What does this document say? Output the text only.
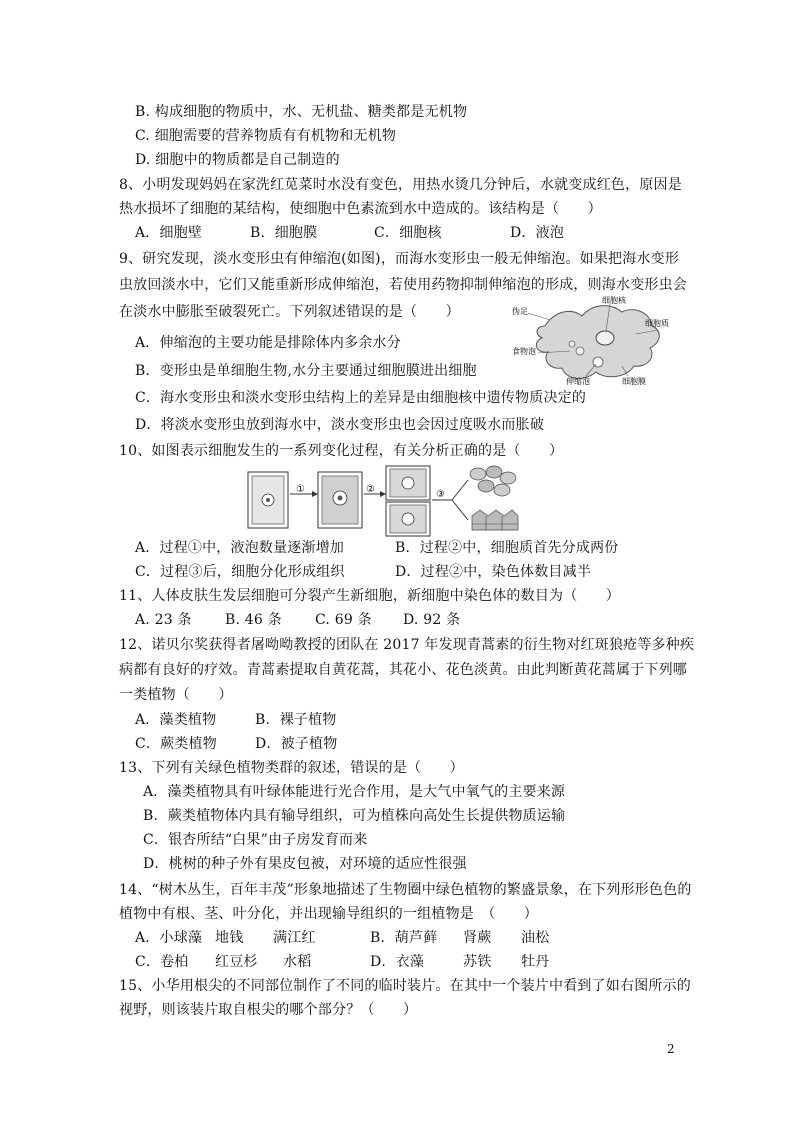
B. 构成细胞的物质中，水、无机盐、糖类都是无机物
C. 细胞需要的营养物质有有机物和无机物
D. 细胞中的物质都是自己制造的
8、小明发现妈妈在家洗红苋菜时水没有变色，用热水烫几分钟后，水就变成红色，原因是
热水损坏了细胞的某结构，使细胞中色素流到水中造成的。该结构是（　　）
A．细胞壁	B．细胞膜	C．细胞核	D．液泡
9、研究发现，淡水变形虫有伸缩泡(如图)，而海水变形虫一般无伸缩泡。如果把海水变形
虫放回淡水中，它们又能重新形成伸缩泡，若使用药物抑制伸缩泡的形成，则海水变形虫会
在淡水中膨胀至破裂死亡。下列叙述错误的是（　　）
A．伸缩泡的主要功能是排除体内多余水分
B．变形虫是单细胞生物,水分主要通过细胞膜进出细胞
C．海水变形虫和淡水变形虫结构上的差异是由细胞核中遗传物质决定的
D．将淡水变形虫放到海水中，淡水变形虫也会因过度吸水而胀破
伪足
细胞核
细胞质
食物泡
伸缩泡	细胞膜
10、如图表示细胞发生的一系列变化过程，有关分析正确的是（　　）
①	②	③
A．过程①中，液泡数量逐渐增加	B．过程②中，细胞质首先分成两份
C．过程③后，细胞分化形成组织	D．过程②中，染色体数目减半
11、人体皮肤生发层细胞可分裂产生新细胞，新细胞中染色体的数目为（　　）
A. 23 条 B. 46 条 C. 69 条 D. 92 条
12、诺贝尔奖获得者屠呦呦教授的团队在 2017 年发现青蒿素的衍生物对红斑狼疮等多种疾
病都有良好的疗效。青蒿素提取自黄花蒿，其花小、花色淡黄。由此判断黄花蒿属于下列哪
一类植物（　　）
A．藻类植物	B．裸子植物
C．蕨类植物	D．被子植物
13、下列有关绿色植物类群的叙述，错误的是（　　）
A．藻类植物具有叶绿体能进行光合作用，是大气中氧气的主要来源
B．蕨类植物体内具有输导组织，可为植株向高处生长提供物质运输
C．银杏所结“白果”由子房发育而来
D．桃树的种子外有果皮包被，对环境的适应性很强
14、“树木丛生，百年丰茂”形象地描述了生物圈中绿色植物的繁盛景象，在下列形形色色的
植物中有根、茎、叶分化，并出现输导组织的一组植物是　（　　）
A．小球藻 地钱 满江红	B．葫芦藓 肾蕨 油松
C．卷柏 红豆杉 水稻	D．衣藻	苏铁 牡丹
15、小华用根尖的不同部位制作了不同的临时装片。在其中一个装片中看到了如右图所示的
视野，则该装片取自根尖的哪个部分？（　　）
2
